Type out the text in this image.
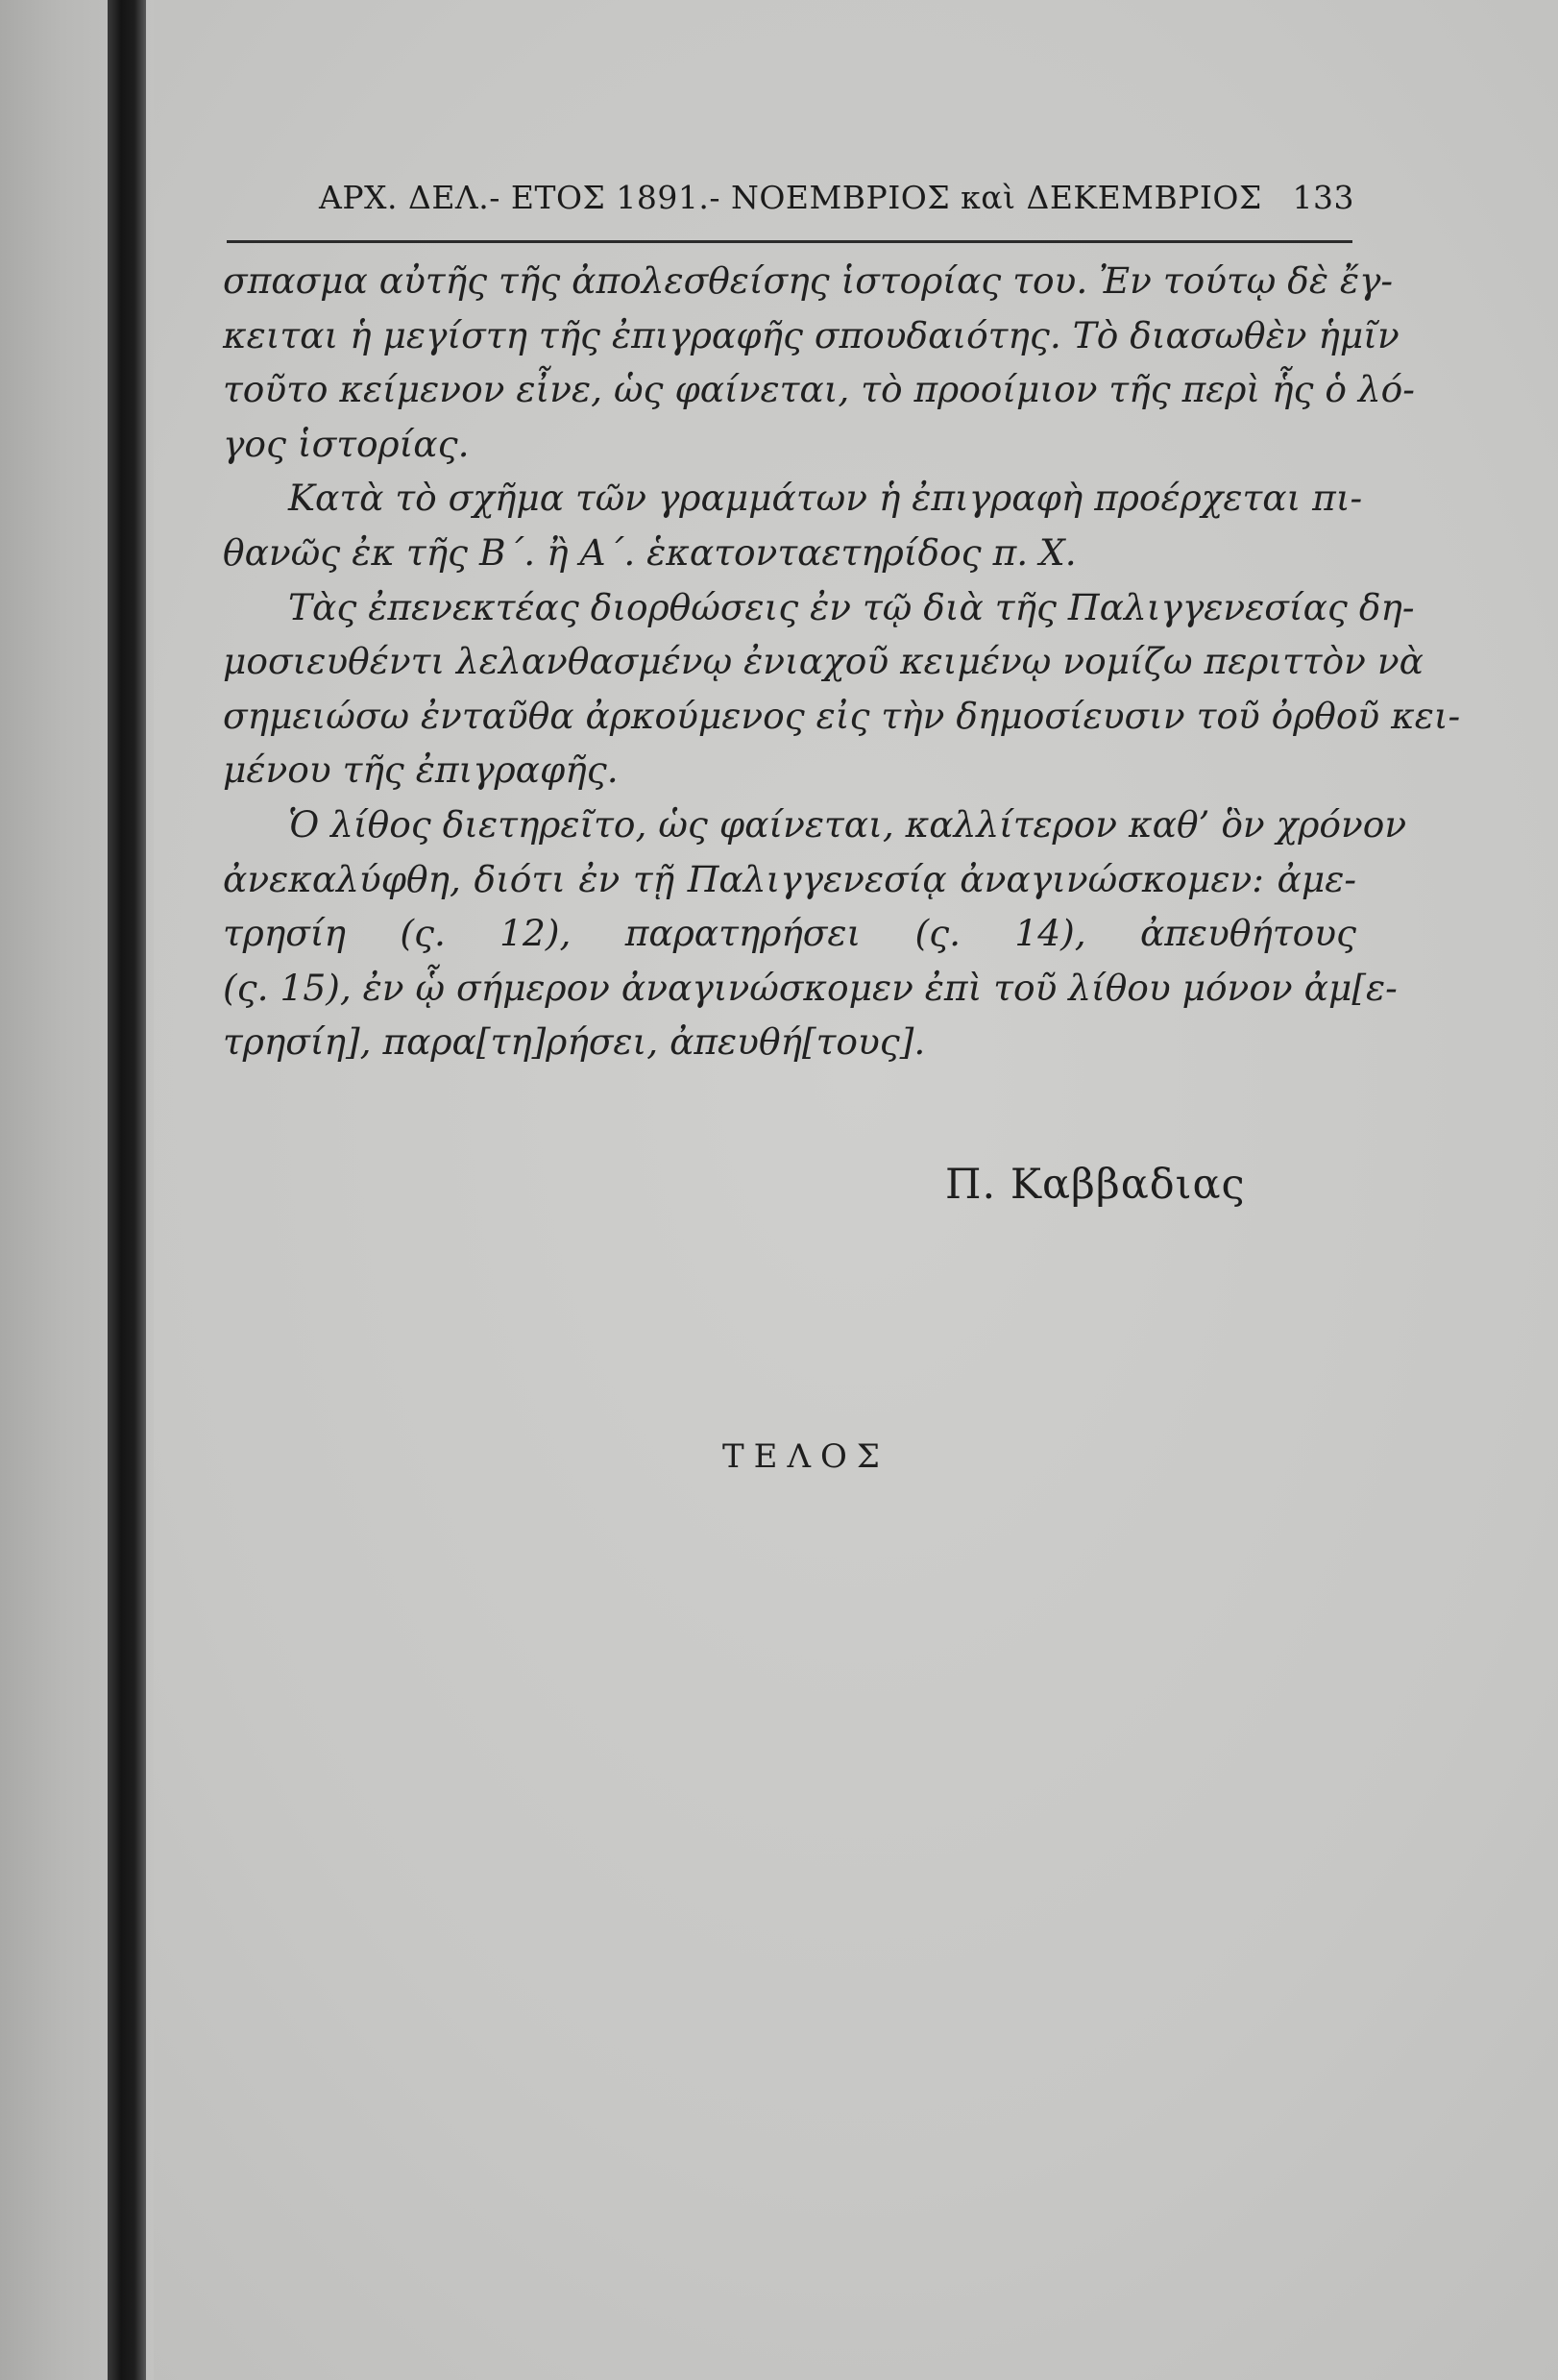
ΑΡΧ. ΔΕΛ.- ΕΤΟΣ 1891.- ΝΟΕΜΒΡΙΟΣ καὶ ΔΕΚΕΜΒΡΙΟΣ 133
σπασμα αὐτῆς τῆς ἀπολεσθείσης ἱστορίας του. Ἐν τούτῳ δὲ ἔγ-
κειται ἡ μεγίστη τῆς ἐπιγραφῆς σπουδαιότης. Τὸ διασωθὲν ἡμῖν
τοῦτο κείμενον εἶνε, ὡς φαίνεται, τὸ προοίμιον τῆς περὶ ἧς ὁ λό-
γος ἱστορίας.
Κατὰ τὸ σχῆμα τῶν γραμμάτων ἡ ἐπιγραφὴ προέρχεται πι-
θανῶς ἐκ τῆς Β΄. ἢ Α΄. ἑκατονταετηρίδος π. Χ.
Τὰς ἐπενεκτέας διορθώσεις ἐν τῷ διὰ τῆς Παλιγγενεσίας δη-
μοσιευθέντι λελανθασμένῳ ἐνιαχοῦ κειμένῳ νομίζω περιττὸν νὰ
σημειώσω ἐνταῦθα ἀρκούμενος εἰς τὴν δημοσίευσιν τοῦ ὀρθοῦ κει-
μένου τῆς ἐπιγραφῆς.
Ὁ λίθος διετηρεῖτο, ὡς φαίνεται, καλλίτερον καθ’ ὃν χρόνον
ἀνεκαλύφθη, διότι ἐν τῇ Παλιγγενεσίᾳ ἀναγινώσκομεν: ἀμε-
τρησίη (ς. 12), παρατηρήσει (ς. 14), ἀπευθήτους
(ς. 15), ἐν ᾧ σήμερον ἀναγινώσκομεν ἐπὶ τοῦ λίθου μόνον ἀμ[ε-
τρησίη], παρα[τη]ρήσει, ἀπευθή[τους].
Π. Καββαδιας
ΤΕΛΟΣ
